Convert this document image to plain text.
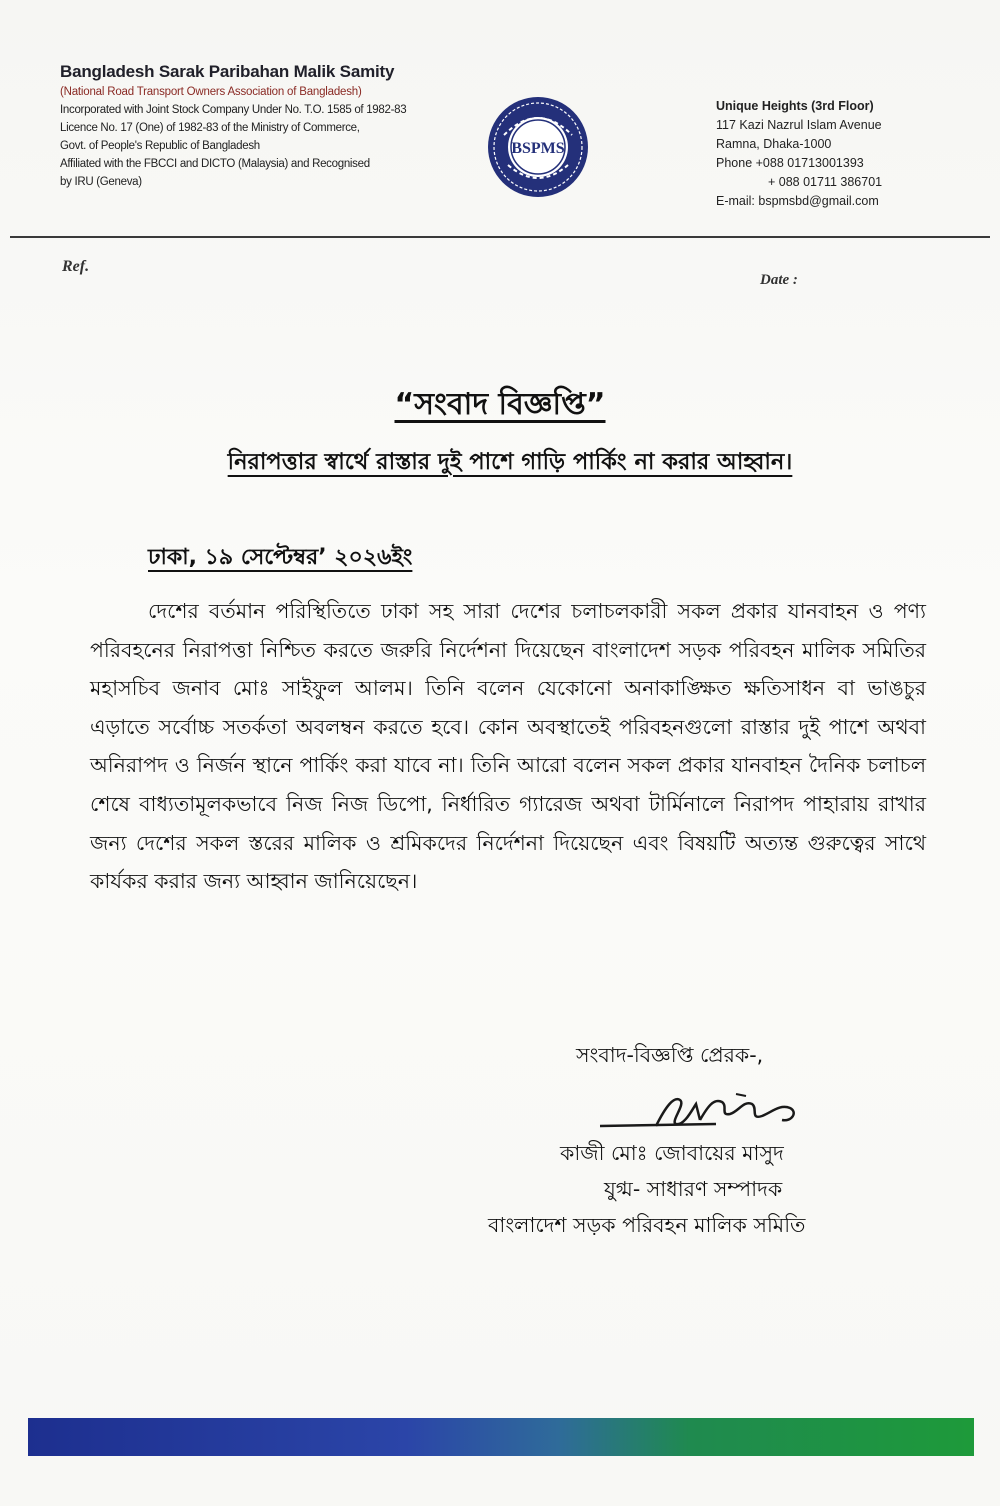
Bangladesh Sarak Paribahan Malik Samity
(National Road Transport Owners Association of Bangladesh)
Incorporated with Joint Stock Company Under No. T.O. 1585 of 1982-83
Licence No. 17 (One) of 1982-83 of the Ministry of Commerce,
Govt. of People's Republic of Bangladesh
Affiliated with the FBCCI and DICTO (Malaysia) and Recognised
by IRU (Geneva)
BSPMS
Unique Heights (3rd Floor)
117 Kazi Nazrul Islam Avenue
Ramna, Dhaka-1000
Phone +088 01713001393
+ 088 01711 386701
E-mail: bspmsbd@gmail.com
Ref.
Date :
“সংবাদ বিজ্ঞপ্তি”
নিরাপত্তার স্বার্থে রাস্তার দুই পাশে গাড়ি পার্কিং না করার আহ্বান।
ঢাকা, ১৯ সেপ্টেম্বর’ ২০২৬ইং
দেশের বর্তমান পরিস্থিতিতে ঢাকা সহ সারা দেশের চলাচলকারী সকল প্রকার যানবাহন ও পণ্য পরিবহনের নিরাপত্তা নিশ্চিত করতে জরুরি নির্দেশনা দিয়েছেন বাংলাদেশ সড়ক পরিবহন মালিক সমিতির মহাসচিব জনাব মোঃ সাইফুল আলম। তিনি বলেন যেকোনো অনাকাঙ্ক্ষিত ক্ষতিসাধন বা ভাঙচুর এড়াতে সর্বোচ্চ সতর্কতা অবলম্বন করতে হবে। কোন অবস্থাতেই পরিবহনগুলো রাস্তার দুই পাশে অথবা অনিরাপদ ও নির্জন স্থানে পার্কিং করা যাবে না। তিনি আরো বলেন সকল প্রকার যানবাহন দৈনিক চলাচল শেষে বাধ্যতামূলকভাবে নিজ নিজ ডিপো, নির্ধারিত গ্যারেজ অথবা টার্মিনালে নিরাপদ পাহারায় রাখার জন্য দেশের সকল স্তরের মালিক ও শ্রমিকদের নির্দেশনা দিয়েছেন এবং বিষয়টি অত্যন্ত গুরুত্বের সাথে কার্যকর করার জন্য আহ্বান জানিয়েছেন।
সংবাদ-বিজ্ঞপ্তি প্রেরক-,
কাজী মোঃ জোবায়ের মাসুদ
যুগ্ম- সাধারণ সম্পাদক
বাংলাদেশ সড়ক পরিবহন মালিক সমিতি
